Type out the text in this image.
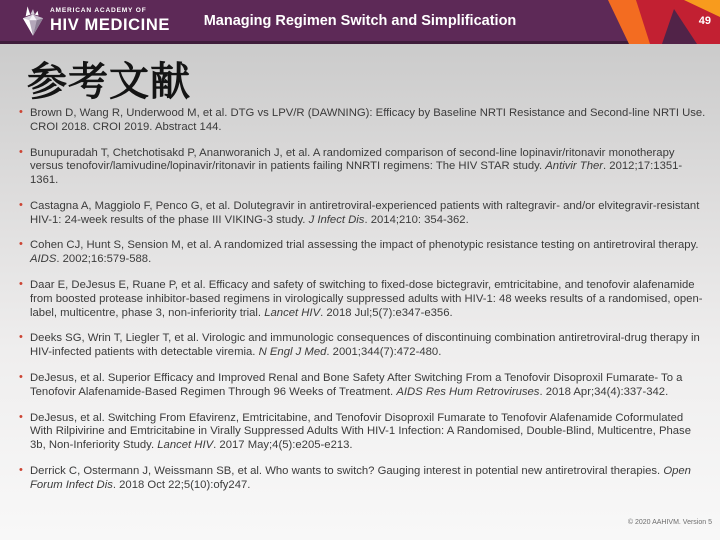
AMERICAN ACADEMY OF
HIV MEDICINE	Managing Regimen Switch and Simplification	49
参考文献
• Brown D, Wang R, Underwood M, et al. DTG vs LPV/R (DAWNING): Efficacy by Baseline NRTI Resistance and Second-line NRTI Use. CROI 2018. CROI 2019. Abstract 144.
• Bunupuradah T, Chetchotisakd P, Ananworanich J, et al. A randomized comparison of second-line lopinavir/ritonavir monotherapy versus tenofovir/lamivudine/lopinavir/ritonavir in patients failing NNRTI regimens: The HIV STAR study. Antivir Ther. 2012;17:1351-1361.
• Castagna A, Maggiolo F, Penco G, et al. Dolutegravir in antiretroviral-experienced patients with raltegravir- and/or elvitegravir-resistant HIV-1: 24-week results of the phase III VIKING-3 study. J Infect Dis. 2014;210: 354-362.
• Cohen CJ, Hunt S, Sension M, et al. A randomized trial assessing the impact of phenotypic resistance testing on antiretroviral therapy. AIDS. 2002;16:579-588.
• Daar E, DeJesus E, Ruane P, et al. Efficacy and safety of switching to fixed-dose bictegravir, emtricitabine, and tenofovir alafenamide from boosted protease inhibitor-based regimens in virologically suppressed adults with HIV-1: 48 weeks results of a randomised, open-label, multicentre, phase 3, non-inferiority trial. Lancet HIV. 2018 Jul;5(7):e347-e356.
• Deeks SG, Wrin T, Liegler T, et al. Virologic and immunologic consequences of discontinuing combination antiretroviral-drug therapy in HIV-infected patients with detectable viremia. N Engl J Med. 2001;344(7):472-480.
• DeJesus, et al. Superior Efficacy and Improved Renal and Bone Safety After Switching From a Tenofovir Disoproxil Fumarate- To a Tenofovir Alafenamide-Based Regimen Through 96 Weeks of Treatment. AIDS Res Hum Retroviruses. 2018 Apr;34(4):337-342.
• DeJesus, et al. Switching From Efavirenz, Emtricitabine, and Tenofovir Disoproxil Fumarate to Tenofovir Alafenamide Coformulated With Rilpivirine and Emtricitabine in Virally Suppressed Adults With HIV-1 Infection: A Randomised, Double-Blind, Multicentre, Phase 3b, Non-Inferiority Study. Lancet HIV. 2017 May;4(5):e205-e213.
• Derrick C, Ostermann J, Weissmann SB, et al. Who wants to switch? Gauging interest in potential new antiretroviral therapies. Open Forum Infect Dis. 2018 Oct 22;5(10):ofy247.
© 2020 AAHIVM. Version 5
